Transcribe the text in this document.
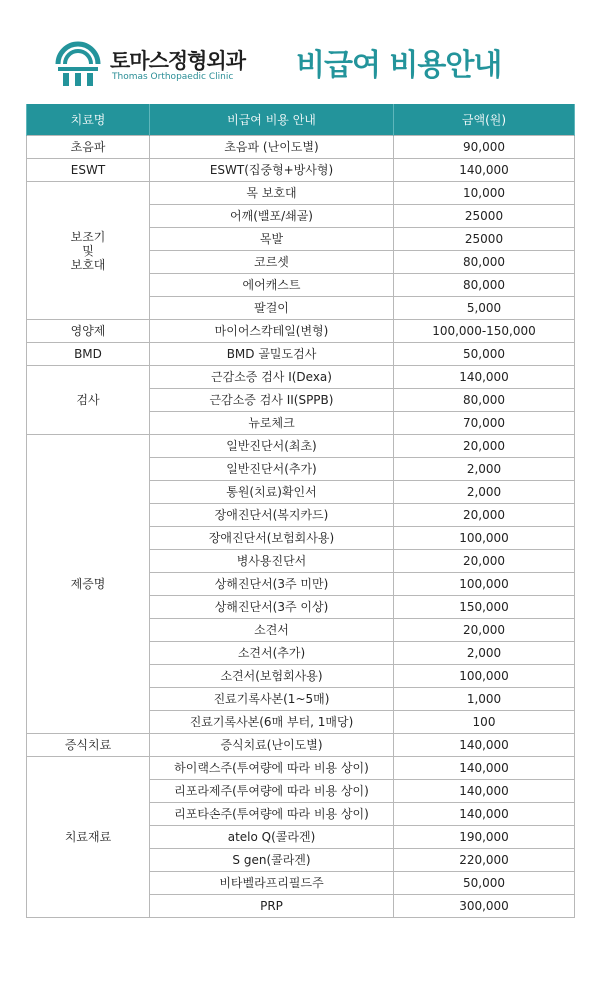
토마스정형외과
Thomas Orthopaedic Clinic 비급여 비용안내
치료명	비급여 비용 안내	금액(원)
초음파	초음파 (난이도별)	90,000
ESWT	ESWT(집중형+방사형)	140,000
보조기
및
보호대	목 보호대	10,000
	어깨(밸포/쇄골)	25000
	목발	25000
	코르셋	80,000
	에어캐스트	80,000
	팔걸이	5,000
영양제	마이어스칵테일(변형)	100,000-150,000
BMD	BMD 골밀도검사	50,000
검사	근감소증 검사 I(Dexa)	140,000
	근감소증 검사 II(SPPB)	80,000
	뉴로체크	70,000
제증명	일반진단서(최초)	20,000
	일반진단서(추가)	2,000
	통원(치료)확인서	2,000
	장애진단서(복지카드)	20,000
	장애진단서(보험회사용)	100,000
	병사용진단서	20,000
	상해진단서(3주 미만)	100,000
	상해진단서(3주 이상)	150,000
	소견서	20,000
	소견서(추가)	2,000
	소견서(보험회사용)	100,000
	진료기록사본(1~5매)	1,000
	진료기록사본(6매 부터, 1매당)	100
증식치료	증식치료(난이도별)	140,000
치료재료	하이랙스주(투여량에 따라 비용 상이)	140,000
	리포라제주(투여량에 따라 비용 상이)	140,000
	리포타손주(투여량에 따라 비용 상이)	140,000
	atelo Q(콜라겐)	190,000
	S gen(콜라겐)	220,000
	비타벨라프리필드주	50,000
	PRP	300,000
